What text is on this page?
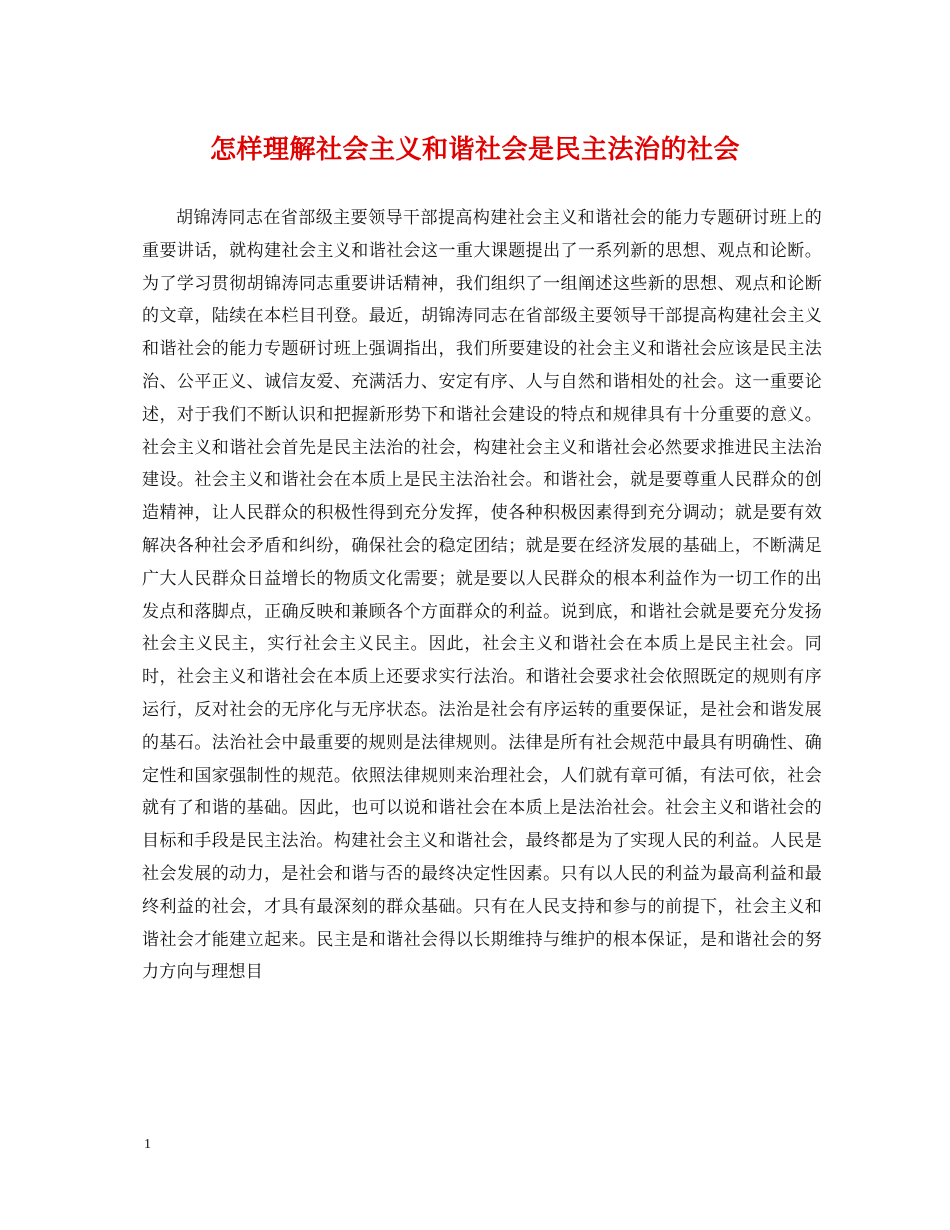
怎样理解社会主义和谐社会是民主法治的社会

胡锦涛同志在省部级主要领导干部提高构建社会主义和谐社会的能力专题研讨班上的重要讲话，就构建社会主义和谐社会这一重大课题提出了一系列新的思想、观点和论断。为了学习贯彻胡锦涛同志重要讲话精神，我们组织了一组阐述这些新的思想、观点和论断的文章，陆续在本栏目刊登。最近，胡锦涛同志在省部级主要领导干部提高构建社会主义和谐社会的能力专题研讨班上强调指出，我们所要建设的社会主义和谐社会应该是民主法治、公平正义、诚信友爱、充满活力、安定有序、人与自然和谐相处的社会。这一重要论述，对于我们不断认识和把握新形势下和谐社会建设的特点和规律具有十分重要的意义。社会主义和谐社会首先是民主法治的社会，构建社会主义和谐社会必然要求推进民主法治建设。社会主义和谐社会在本质上是民主法治社会。和谐社会，就是要尊重人民群众的创造精神，让人民群众的积极性得到充分发挥，使各种积极因素得到充分调动；就是要有效解决各种社会矛盾和纠纷，确保社会的稳定团结；就是要在经济发展的基础上，不断满足广大人民群众日益增长的物质文化需要；就是要以人民群众的根本利益作为一切工作的出发点和落脚点，正确反映和兼顾各个方面群众的利益。说到底，和谐社会就是要充分发扬社会主义民主，实行社会主义民主。因此，社会主义和谐社会在本质上是民主社会。同时，社会主义和谐社会在本质上还要求实行法治。和谐社会要求社会依照既定的规则有序运行，反对社会的无序化与无序状态。法治是社会有序运转的重要保证，是社会和谐发展的基石。法治社会中最重要的规则是法律规则。法律是所有社会规范中最具有明确性、确定性和国家强制性的规范。依照法律规则来治理社会，人们就有章可循，有法可依，社会就有了和谐的基础。因此，也可以说和谐社会在本质上是法治社会。社会主义和谐社会的目标和手段是民主法治。构建社会主义和谐社会，最终都是为了实现人民的利益。人民是社会发展的动力，是社会和谐与否的最终决定性因素。只有以人民的利益为最高利益和最终利益的社会，才具有最深刻的群众基础。只有在人民支持和参与的前提下，社会主义和谐社会才能建立起来。民主是和谐社会得以长期维持与维护的根本保证，是和谐社会的努力方向与理想目

1
